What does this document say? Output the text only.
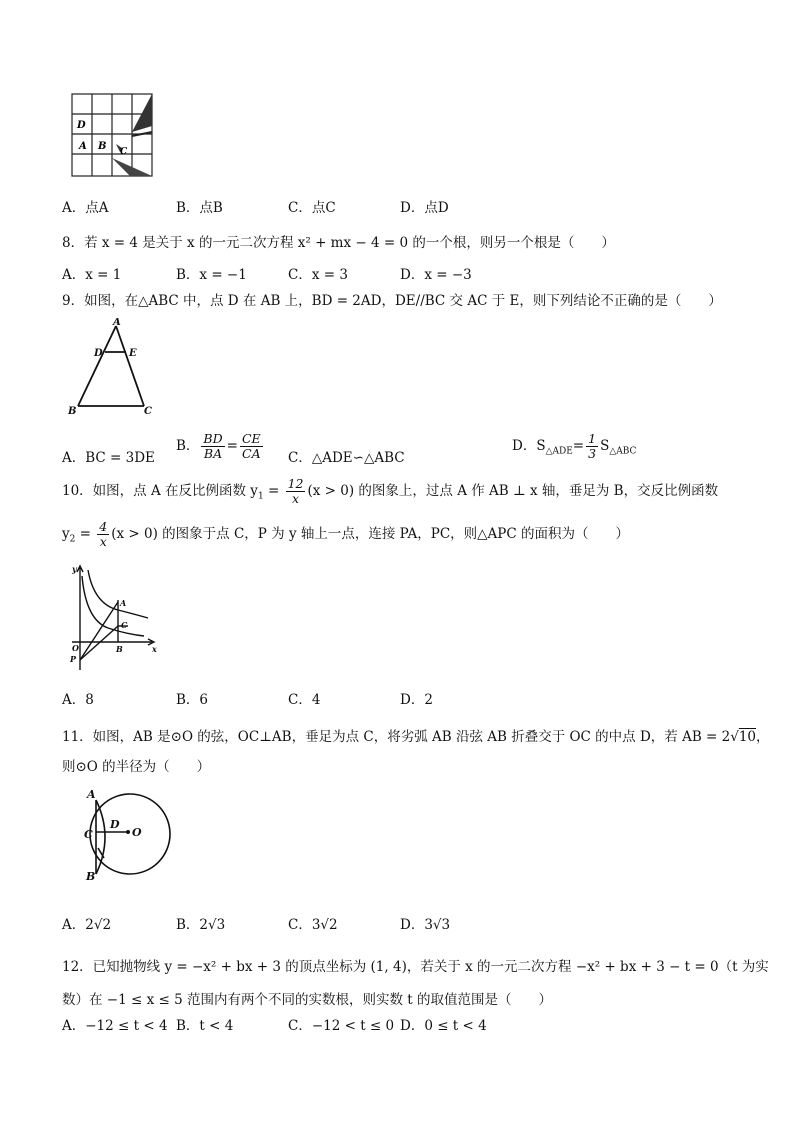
D
A B C
A．点A	B．点B	C．点C	D．点D
8．若 x = 4 是关于 x 的一元二次方程 x² + mx − 4 = 0 的一个根，则另一个根是（　　）
A．x = 1	B．x = −1	C．x = 3	D．x = −3
9．如图，在△ABC 中，点 D 在 AB 上，BD = 2AD，DE//BC 交 AC 于 E，则下列结论不正确的是（　　）
A
D	E
B	C
A．BC = 3DE
B． $\frac{BD}{BA} = \frac{CE}{CA}$ C．△ADE∽△ABC
D．$S_{\triangle ADE}= \frac{1}{3} S_{\triangle ABC}$
10．如图，点 A 在反比例函数 $y_1 = \frac{12}{x} (x > 0)$ 的图象上，过点 A 作 AB ⊥ x 轴，垂足为 B，交反比例函数
$y_2 = \frac{4}{x} (x > 0)$ 的图象于点 C，P 为 y 轴上一点，连接 PA，PC，则△APC 的面积为（　　）
y
x
O
A
C
B
P
A．8	B．6	C．4	D．2
11．如图，AB 是⊙O 的弦，OC⊥AB，垂足为点 C，将劣弧 AB 沿弦 AB 折叠交于 OC 的中点 D，若 AB = 2√10，
则⊙O 的半径为（　　）
A
C
D
O
B
A．2√2	B．2√3	C．3√2	D．3√3
12．已知抛物线 y = −x² + bx + 3 的顶点坐标为 (1, 4)，若关于 x 的一元二次方程 −x² + bx + 3 − t = 0（t 为实
数）在 −1 ≤ x ≤ 5 范围内有两个不同的实数根，则实数 t 的取值范围是（　　）
A．−12 ≤ t < 4 B．t < 4	C．−12 < t ≤ 0 D．0 ≤ t < 4
